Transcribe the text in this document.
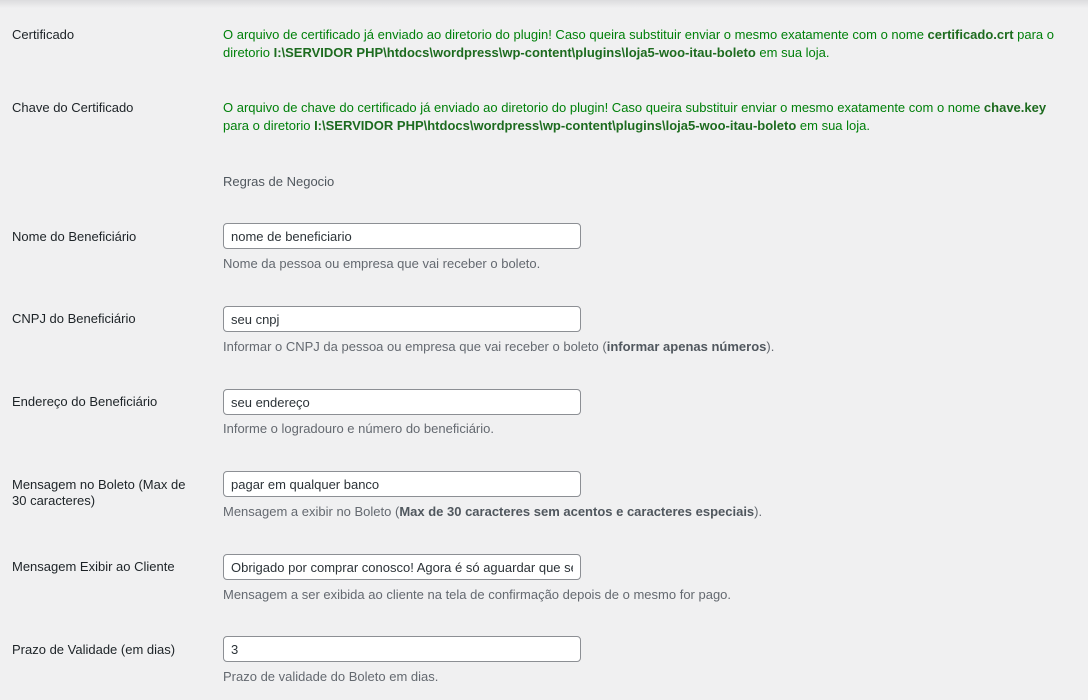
Certificado	O arquivo de certificado já enviado ao diretorio do plugin! Caso queira substituir enviar o mesmo exatamente com o nome certificado.crt para o diretorio I:\SERVIDOR PHP\htdocs\wordpress\wp-content\plugins\loja5-woo-itau-boleto em sua loja.
Chave do Certificado	O arquivo de chave do certificado já enviado ao diretorio do plugin! Caso queira substituir enviar o mesmo exatamente com o nome chave.key para o diretorio I:\SERVIDOR PHP\htdocs\wordpress\wp-content\plugins\loja5-woo-itau-boleto em sua loja.
Regras de Negocio
Nome do Beneficiário
nome de beneficiario
Nome da pessoa ou empresa que vai receber o boleto.
CNPJ do Beneficiário
seu cnpj
Informar o CNPJ da pessoa ou empresa que vai receber o boleto (informar apenas números).
Endereço do Beneficiário
seu endereço
Informe o logradouro e número do beneficiário.
Mensagem no Boleto (Max de 30 caracteres)
pagar em qualquer banco
Mensagem a exibir no Boleto (Max de 30 caracteres sem acentos e caracteres especiais).
Mensagem Exibir ao Cliente
Obrigado por comprar conosco! Agora é só aguardar que seu
Mensagem a ser exibida ao cliente na tela de confirmação depois de o mesmo for pago.
Prazo de Validade (em dias)
3
Prazo de validade do Boleto em dias.
